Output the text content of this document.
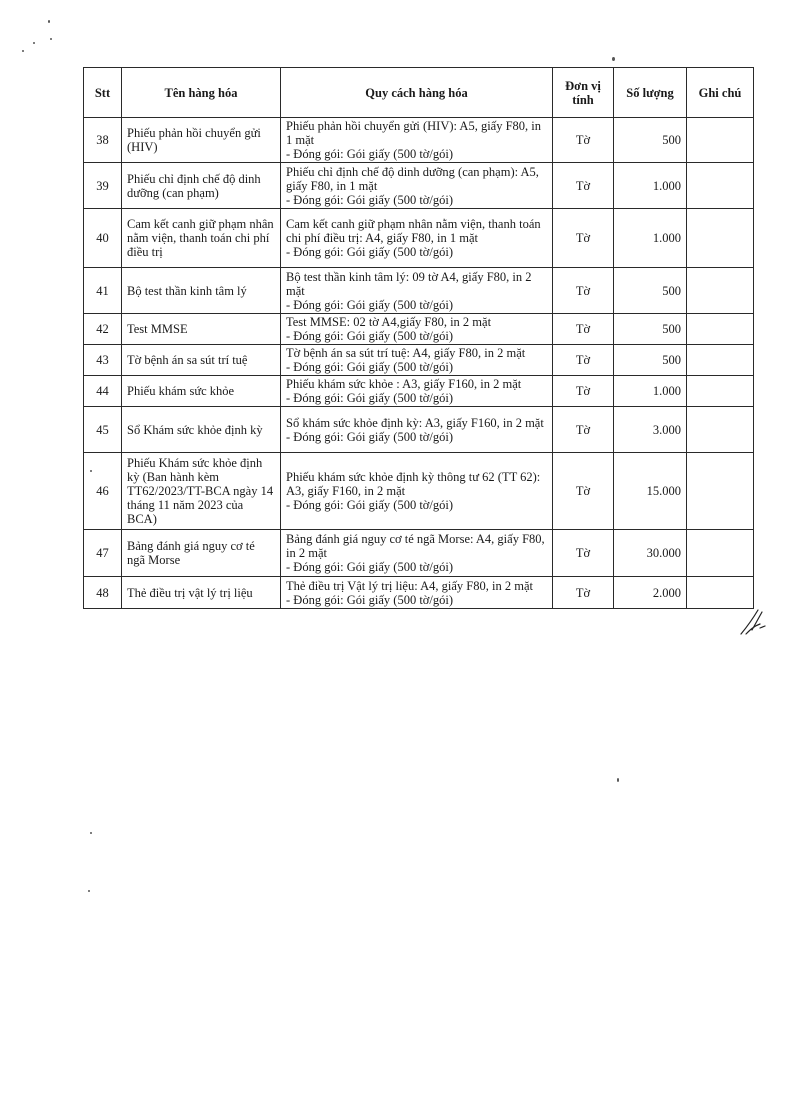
Stt	Tên hàng hóa	Quy cách hàng hóa	Đơn vị tính	Số lượng	Ghi chú
38	Phiếu phản hồi chuyển gửi (HIV)	Phiếu phản hồi chuyển gửi (HIV): A5, giấy F80, in 1 mặt
- Đóng gói: Gói giấy (500 tờ/gói)	Tờ	500	
39	Phiếu chỉ định chế độ dinh dưỡng (can phạm)	Phiếu chỉ định chế độ dinh dưỡng (can phạm): A5, giấy F80, in 1 mặt
- Đóng gói: Gói giấy (500 tờ/gói)	Tờ	1.000	
40	Cam kết canh giữ phạm nhân nằm viện, thanh toán chi phí điều trị	Cam kết canh giữ phạm nhân nằm viện, thanh toán chi phí điều trị: A4, giấy F80, in 1 mặt
- Đóng gói: Gói giấy (500 tờ/gói)	Tờ	1.000	
41	Bộ test thần kinh tâm lý	Bộ test thần kinh tâm lý: 09 tờ A4, giấy F80, in 2 mặt
- Đóng gói: Gói giấy (500 tờ/gói)	Tờ	500	
42	Test MMSE	Test MMSE: 02 tờ A4,giấy F80, in 2 mặt
- Đóng gói: Gói giấy (500 tờ/gói)	Tờ	500	
43	Tờ bệnh án sa sút trí tuệ	Tờ bệnh án sa sút trí tuệ: A4, giấy F80, in 2 mặt
- Đóng gói: Gói giấy (500 tờ/gói)	Tờ	500	
44	Phiếu khám sức khỏe	Phiếu khám sức khỏe : A3, giấy F160, in 2 mặt
- Đóng gói: Gói giấy (500 tờ/gói)	Tờ	1.000	
45	Sổ Khám sức khỏe định kỳ	Sổ khám sức khỏe định kỳ: A3, giấy F160, in 2 mặt
- Đóng gói: Gói giấy (500 tờ/gói)	Tờ	3.000	
46	Phiếu Khám sức khỏe định kỳ (Ban hành kèm TT62/2023/TT-BCA ngày 14 tháng 11 năm 2023 của BCA)	Phiếu khám sức khỏe định kỳ thông tư 62 (TT 62): A3, giấy F160, in 2 mặt
- Đóng gói: Gói giấy (500 tờ/gói)	Tờ	15.000	
47	Bảng đánh giá nguy cơ té ngã Morse	Bảng đánh giá nguy cơ té ngã Morse: A4, giấy F80, in 2 mặt
- Đóng gói: Gói giấy (500 tờ/gói)	Tờ	30.000	
48	Thẻ điều trị vật lý trị liệu	Thẻ điều trị Vật lý trị liệu: A4, giấy F80, in 2 mặt
- Đóng gói: Gói giấy (500 tờ/gói)	Tờ	2.000	
